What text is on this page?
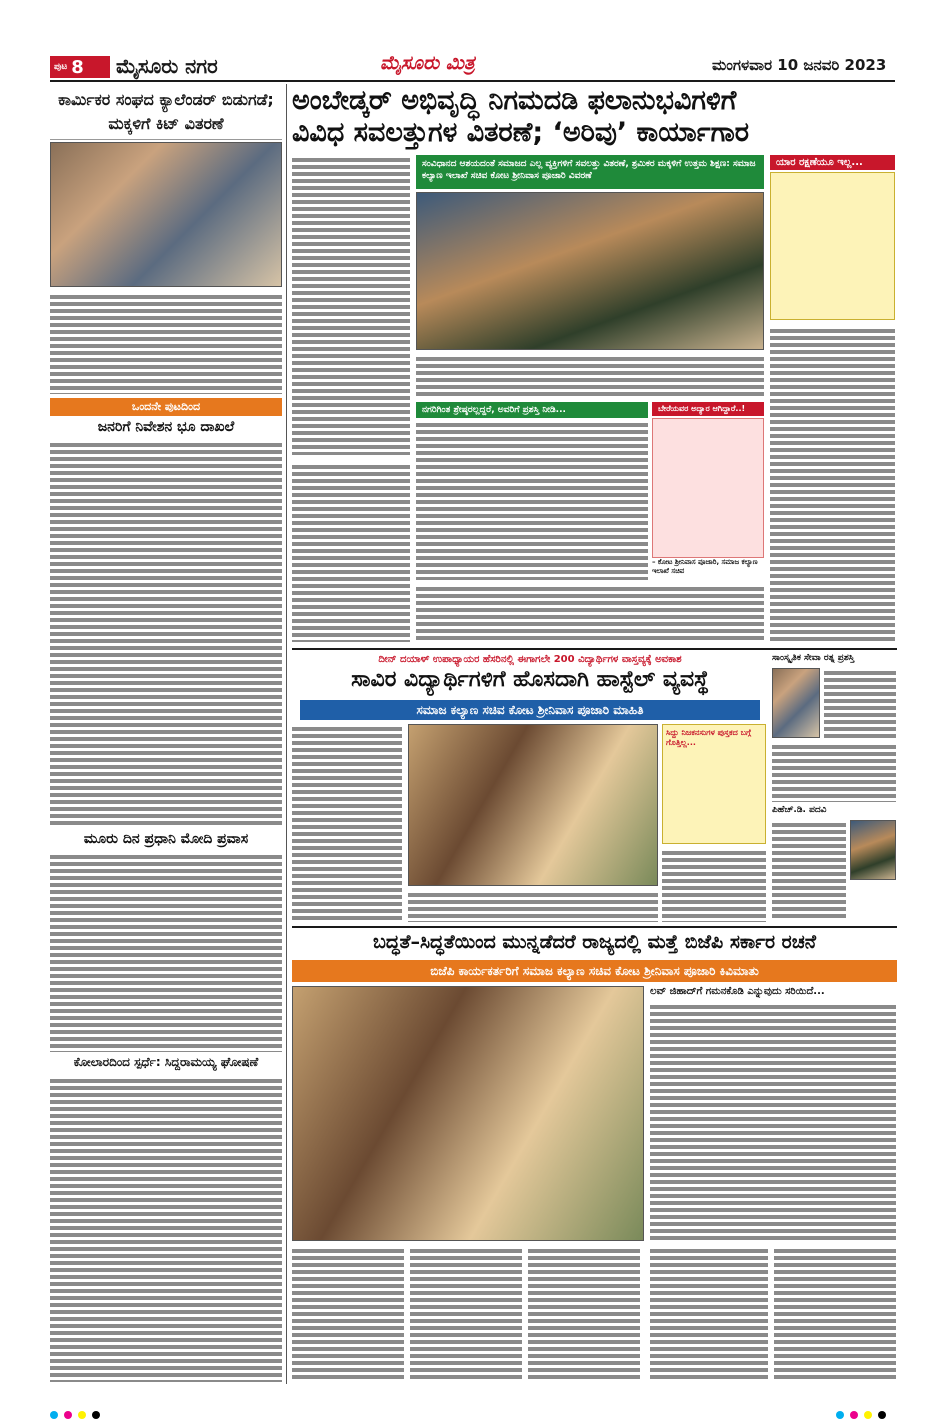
ಪುಟ 8 ಮೈಸೂರು ನಗರ	ಮೈಸೂರು ಮಿತ್ರ	ಮಂಗಳವಾರ 10 ಜನವರಿ 2023
ಕಾರ್ಮಿಕರ ಸಂಘದ ಕ್ಯಾಲೆಂಡರ್ ಬಿಡುಗಡೆ; ಮಕ್ಕಳಿಗೆ ಕಿಟ್ ವಿತರಣೆ
ಒಂದನೇ ಪುಟದಿಂದ
ಜನರಿಗೆ ನಿವೇಶನ ಭೂ ದಾಖಲೆ
ಮೂರು ದಿನ ಪ್ರಧಾನಿ ಮೋದಿ ಪ್ರವಾಸ
ಕೋಲಾರದಿಂದ ಸ್ಪರ್ಧೆ: ಸಿದ್ದರಾಮಯ್ಯ ಘೋಷಣೆ
ಅಂಬೇಡ್ಕರ್ ಅಭಿವೃದ್ಧಿ ನಿಗಮದಡಿ ಫಲಾನುಭವಿಗಳಿಗೆ
ವಿವಿಧ ಸವಲತ್ತುಗಳ ವಿತರಣೆ; ‘ಅರಿವು’ ಕಾರ್ಯಾಗಾರ
ಸಂವಿಧಾನದ ಆಶಯದಂತೆ ಸಮಾಜದ ಎಲ್ಲ ವ್ಯಕ್ತಿಗಳಿಗೆ ಸವಲತ್ತು ವಿತರಣೆ, ಶ್ರಮಿಕರ ಮಕ್ಕಳಿಗೆ ಉತ್ತಮ ಶಿಕ್ಷಣ: ಸಮಾಜ ಕಲ್ಯಾಣ ಇಲಾಖೆ ಸಚಿವ ಕೋಟ ಶ್ರೀನಿವಾಸ ಪೂಜಾರಿ ವಿವರಣೆ
ಯಾರ ರಕ್ಷಣೆಯೂ ಇಲ್ಲ...
ನಗರಿಗಿಂತ ಶ್ರೇಷ್ಠರಲ್ಲದ್ದರೆ, ಅವರಿಗೆ ಪ್ರಶಸ್ತಿ ನೀಡಿ...	ಬೇರೆಯವರ ಅದ್ಯಾರ ಆಗಿದ್ದಾರೆ..!
– ಕೋಟ ಶ್ರೀನಿವಾಸ ಪೂಜಾರಿ, ಸಮಾಜ ಕಲ್ಯಾಣ ಇಲಾಖೆ ಸಚಿವ
ದೀನ್ ದಯಾಳ್ ಉಪಾಧ್ಯಾಯರ ಹೆಸರಿನಲ್ಲಿ ಈಗಾಗಲೇ 200 ವಿದ್ಯಾರ್ಥಿಗಳ ವಾಸ್ತವ್ಯಕ್ಕೆ ಅವಕಾಶ
ಸಾವಿರ ವಿದ್ಯಾರ್ಥಿಗಳಿಗೆ ಹೊಸದಾಗಿ ಹಾಸ್ಟೆಲ್ ವ್ಯವಸ್ಥೆ
ಸಮಾಜ ಕಲ್ಯಾಣ ಸಚಿವ ಕೋಟ ಶ್ರೀನಿವಾಸ ಪೂಜಾರಿ ಮಾಹಿತಿ
ಸಿದ್ದು ನಿಜಕನಸುಗಳ ಪುಸ್ತಕದ ಬಗ್ಗೆ ಗೊತ್ತಿಲ್ಲ...
ಸಾಂಸ್ಕೃತಿಕ ಸೇವಾ ರತ್ನ ಪ್ರಶಸ್ತಿ
ಪಿಹೆಚ್.ಡಿ. ಪದವಿ
ಬದ್ಧತೆ–ಸಿದ್ಧತೆಯಿಂದ ಮುನ್ನಡೆದರೆ ರಾಜ್ಯದಲ್ಲಿ ಮತ್ತೆ ಬಿಜೆಪಿ ಸರ್ಕಾರ ರಚನೆ
ಬಿಜೆಪಿ ಕಾರ್ಯಕರ್ತರಿಗೆ ಸಮಾಜ ಕಲ್ಯಾಣ ಸಚಿವ ಕೋಟ ಶ್ರೀನಿವಾಸ ಪೂಜಾರಿ ಕಿವಿಮಾತು
ಲವ್ ಜಿಹಾದ್‌ಗೆ ಗಮನಕೊಡಿ ಎನ್ನುವುದು ಸರಿಯಿದೆ...
